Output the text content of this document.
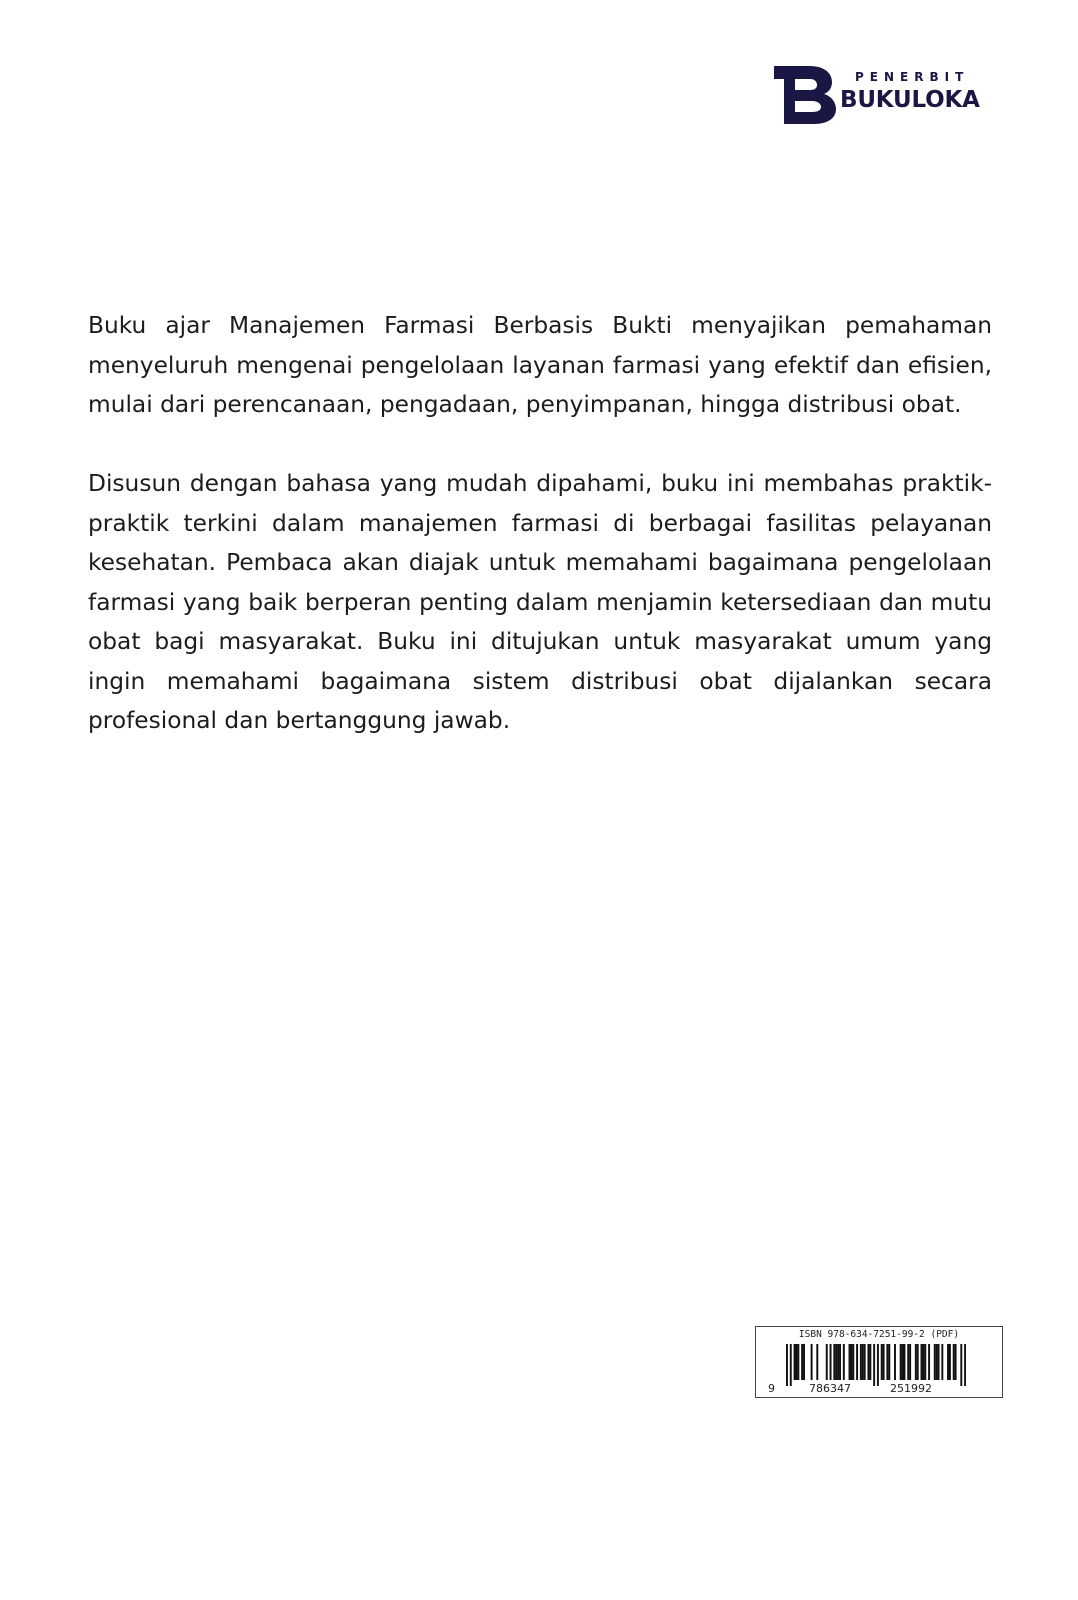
PENERBIT
BUKULOKA

Buku ajar Manajemen Farmasi Berbasis Bukti menyajikan pemahaman menyeluruh mengenai pengelolaan layanan farmasi yang efektif dan efisien, mulai dari perencanaan, pengadaan, penyimpanan, hingga distribusi obat.

Disusun dengan bahasa yang mudah dipahami, buku ini membahas praktik-praktik terkini dalam manajemen farmasi di berbagai fasilitas pelayanan kesehatan. Pembaca akan diajak untuk memahami bagaimana pengelolaan farmasi yang baik berperan penting dalam menjamin ketersediaan dan mutu obat bagi masyarakat. Buku ini ditujukan untuk masyarakat umum yang ingin memahami bagaimana sistem distribusi obat dijalankan secara profesional dan bertanggung jawab.

ISBN 978-634-7251-99-2 (PDF)
9	786347	251992
